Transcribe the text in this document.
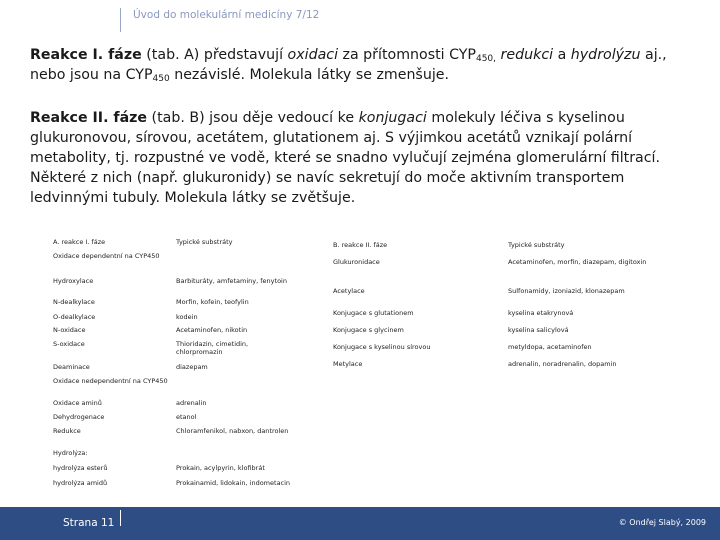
Úvod do molekulární medicíny 7/12

Reakce I. fáze (tab. A) představují oxidaci za přítomnosti $CYP_{450,}$ redukci a hydrolýzu aj., nebo jsou na $CYP_{450}$ nezávislé. Molekula látky se zmenšuje.

Reakce II. fáze (tab. B) jsou děje vedoucí ke konjugaci molekuly léčiva s kyselinou glukuronovou, sírovou, acetátem, glutationem aj. S výjimkou acetátů vznikají polární metabolity, tj. rozpustné ve vodě, které se snadno vylučují zejména glomerulární filtrací. Některé z nich (např. glukuronidy) se navíc sekretují do moče aktivním transportem ledvinnými tubuly. Molekula látky se zvětšuje.

A. reakce I. fáze	Typické substráty
Oxidace dependentní na CYP450
Hydroxylace	Barbituráty, amfetaminy, fenytoin
N-dealkylace	Morfin, kofein, teofylin
O-dealkylace	kodein
N-oxidace	Acetaminofen, nikotin
S-oxidace	Thioridazin, cimetidin,
chlorpromazin
Deaminace	diazepam
Oxidace nedependentní na CYP450
Oxidace aminů	adrenalin
Dehydrogenace	etanol
Redukce	Chloramfenikol, nabxon, dantrolen
Hydrolýza:
hydrolýza esterů	Prokain, acylpyrin, klofibrát
hydrolýza amidů	Prokainamid, lidokain, indometacin
B. reakce II. fáze	Typické substráty
Glukuronidace	Acetaminofen, morfin, diazepam, digitoxin
Acetylace	Sulfonamidy, izoniazid, klonazepam
Konjugace s glutationem	kyselina etakrynová
Konjugace s glycinem	kyselina salicylová
Konjugace s kyselinou sírovou	metyldopa, acetaminofen
Metylace	adrenalin, noradrenalin, dopamin
Strana 11	© Ondřej Slabý, 2009
